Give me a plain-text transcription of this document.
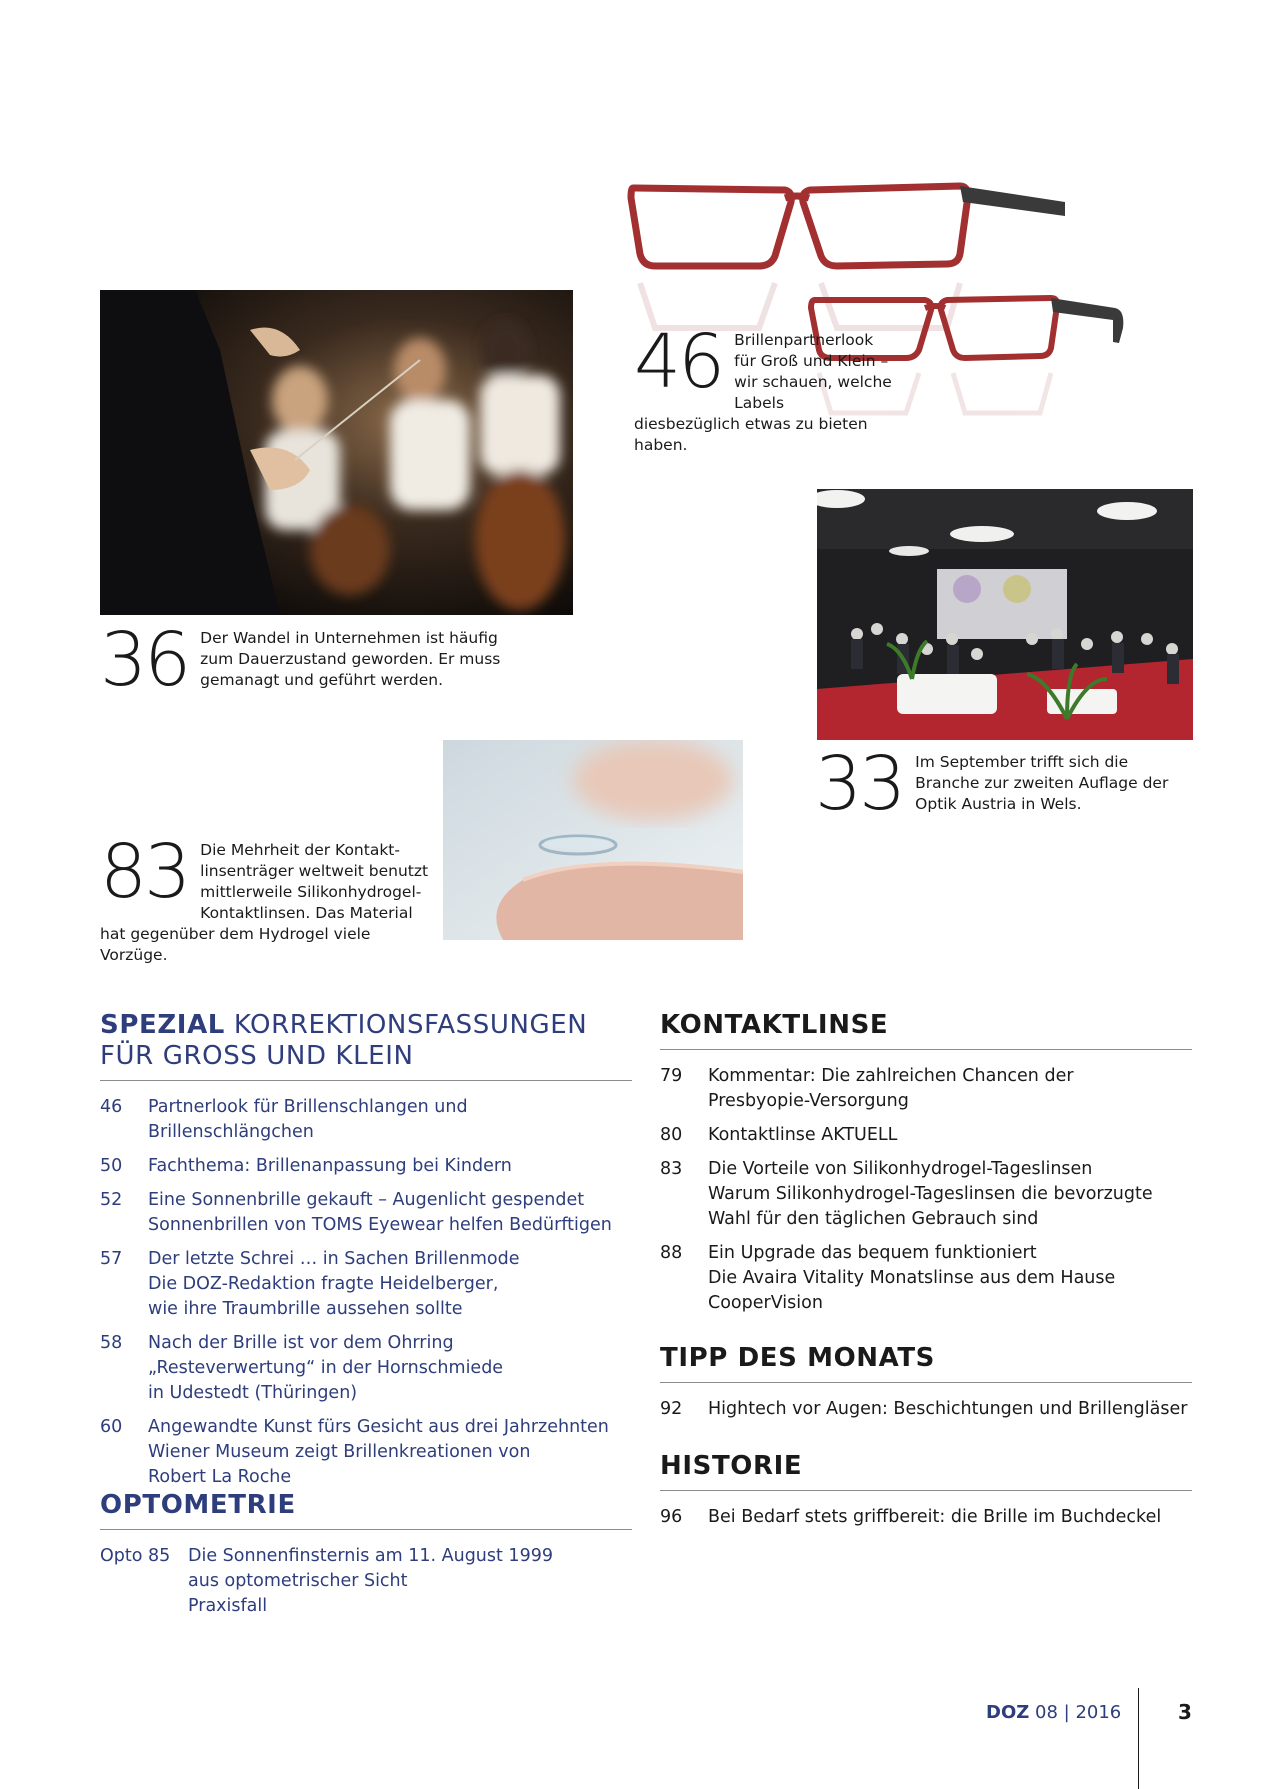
36 Der Wandel in Unternehmen ist häufig zum Dauerzustand geworden. Er muss gemanagt und geführt werden.
46 Brillenpartnerlook für Groß und Klein – wir schauen, welche Labels diesbezüglich etwas zu bieten haben.
33 Im September trifft sich die Branche zur zweiten Auflage der Optik Austria in Wels.
83 Die Mehrheit der Kontaktlinsenträger weltweit benutzt mittlerweile Silikonhydrogel-Kontaktlinsen. Das Material hat gegenüber dem Hydrogel viele Vorzüge.
SPEZIAL KORREKTIONSFASSUNGEN
FÜR GROSS UND KLEIN
46	Partnerlook für Brillenschlangen und Brillenschlängchen
50	Fachthema: Brillenanpassung bei Kindern
52	Eine Sonnenbrille gekauft – Augenlicht gespendet
Sonnenbrillen von TOMS Eyewear helfen Bedürftigen
57	Der letzte Schrei … in Sachen Brillenmode
Die DOZ-Redaktion fragte Heidelberger,
wie ihre Traumbrille aussehen sollte
58	Nach der Brille ist vor dem Ohrring
„Resteverwertung“ in der Hornschmiede
in Udestedt (Thüringen)
60	Angewandte Kunst fürs Gesicht aus drei Jahrzehnten
Wiener Museum zeigt Brillenkreationen von
Robert La Roche
OPTOMETRIE
Opto 85	Die Sonnenfinsternis am 11. August 1999
aus optometrischer Sicht
Praxisfall
KONTAKTLINSE
79	Kommentar: Die zahlreichen Chancen der
Presbyopie-Versorgung
80	Kontaktlinse AKTUELL
83	Die Vorteile von Silikonhydrogel-Tageslinsen
Warum Silikonhydrogel-Tageslinsen die bevorzugte
Wahl für den täglichen Gebrauch sind
88	Ein Upgrade das bequem funktioniert
Die Avaira Vitality Monatslinse aus dem Hause
CooperVision
TIPP DES MONATS
92	Hightech vor Augen: Beschichtungen und Brillengläser
HISTORIE
96	Bei Bedarf stets griffbereit: die Brille im Buchdeckel
DOZ 08 | 2016	3
